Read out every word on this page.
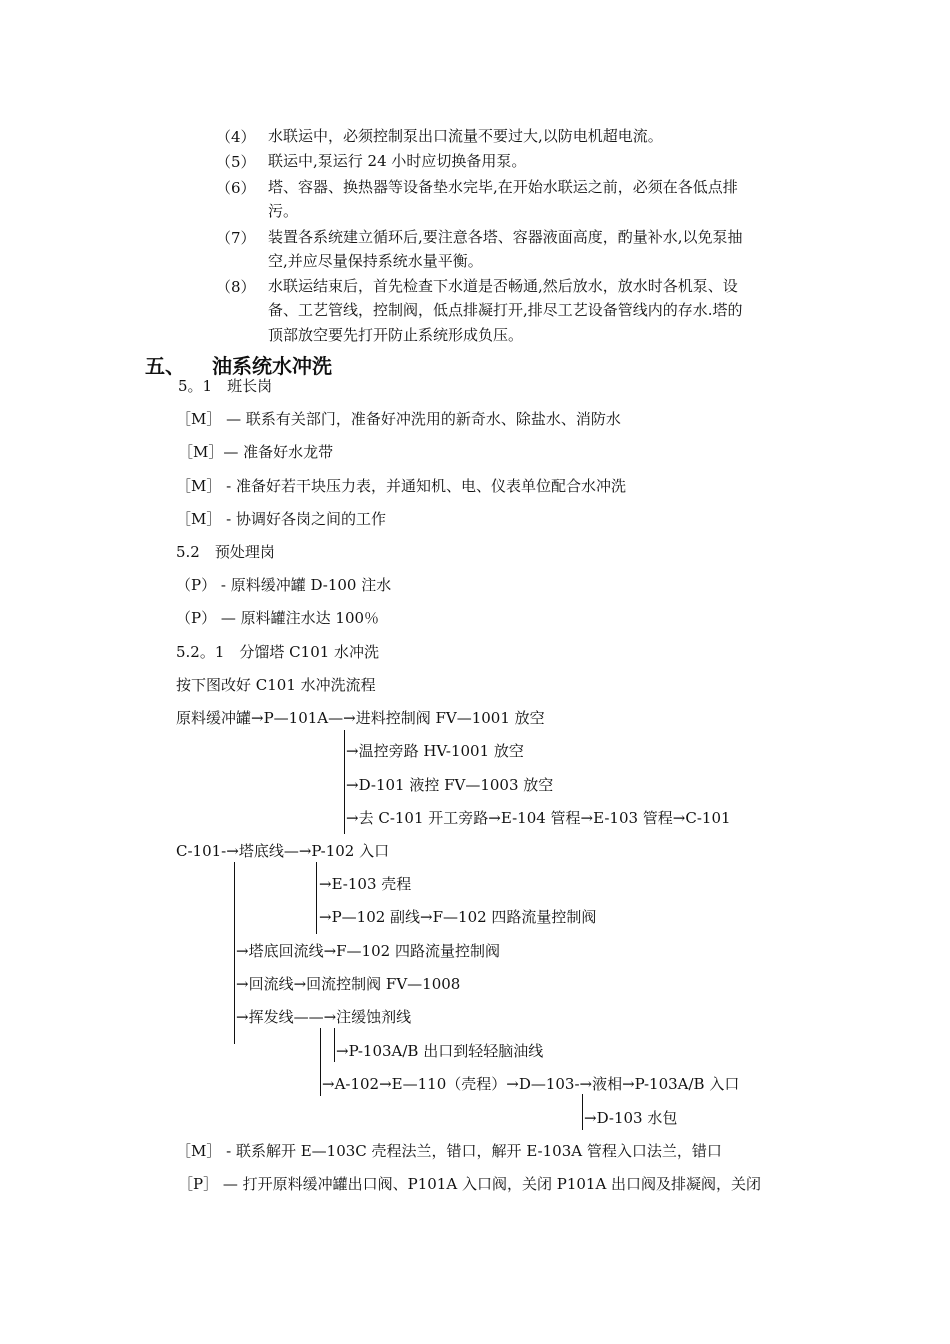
（4） 水联运中，必须控制泵出口流量不要过大,以防电机超电流。
（5） 联运中,泵运行 24 小时应切换备用泵。
（6） 塔、容器、换热器等设备垫水完毕,在开始水联运之前，必须在各低点排
污。
（7） 装置各系统建立循环后,要注意各塔、容器液面高度，酌量补水,以免泵抽
空,并应尽量保持系统水量平衡。
（8） 水联运结束后，首先检查下水道是否畅通,然后放水，放水时各机泵、设
备、工艺管线，控制阀，低点排凝打开,排尽工艺设备管线内的存水.塔的
顶部放空要先打开防止系统形成负压。
五、 油系统水冲洗
5。1　班长岗
［M］ — 联系有关部门，准备好冲洗用的新奇水、除盐水、消防水
［M］— 准备好水龙带
［M］ - 准备好若干块压力表，并通知机、电、仪表单位配合水冲洗
［M］ - 协调好各岗之间的工作
5.2　预处理岗
（P） - 原料缓冲罐 D-100 注水
（P） — 原料罐注水达 100％
5.2。1　分馏塔 C101 水冲洗
按下图改好 C101 水冲洗流程
原料缓冲罐→P—101A—→进料控制阀 FV—1001 放空
→温控旁路 HV-1001 放空
→D-101 液控 FV—1003 放空
→去 C-101 开工旁路→E-104 管程→E-103 管程→C-101
C-101-→塔底线—→P-102 入口
→E-103 壳程
→P—102 副线→F—102 四路流量控制阀
→塔底回流线→F—102 四路流量控制阀
→回流线→回流控制阀 FV—1008
→挥发线——→注缓蚀剂线
→P-103A/B 出口到轻轻脑油线
→A-102→E—110（壳程）→D—103-→液相→P-103A/B 入口
→D-103 水包
［M］ - 联系解开 E—103C 壳程法兰，错口，解开 E-103A 管程入口法兰，错口
［P］ — 打开原料缓冲罐出口阀、P101A 入口阀，关闭 P101A 出口阀及排凝阀，关闭
